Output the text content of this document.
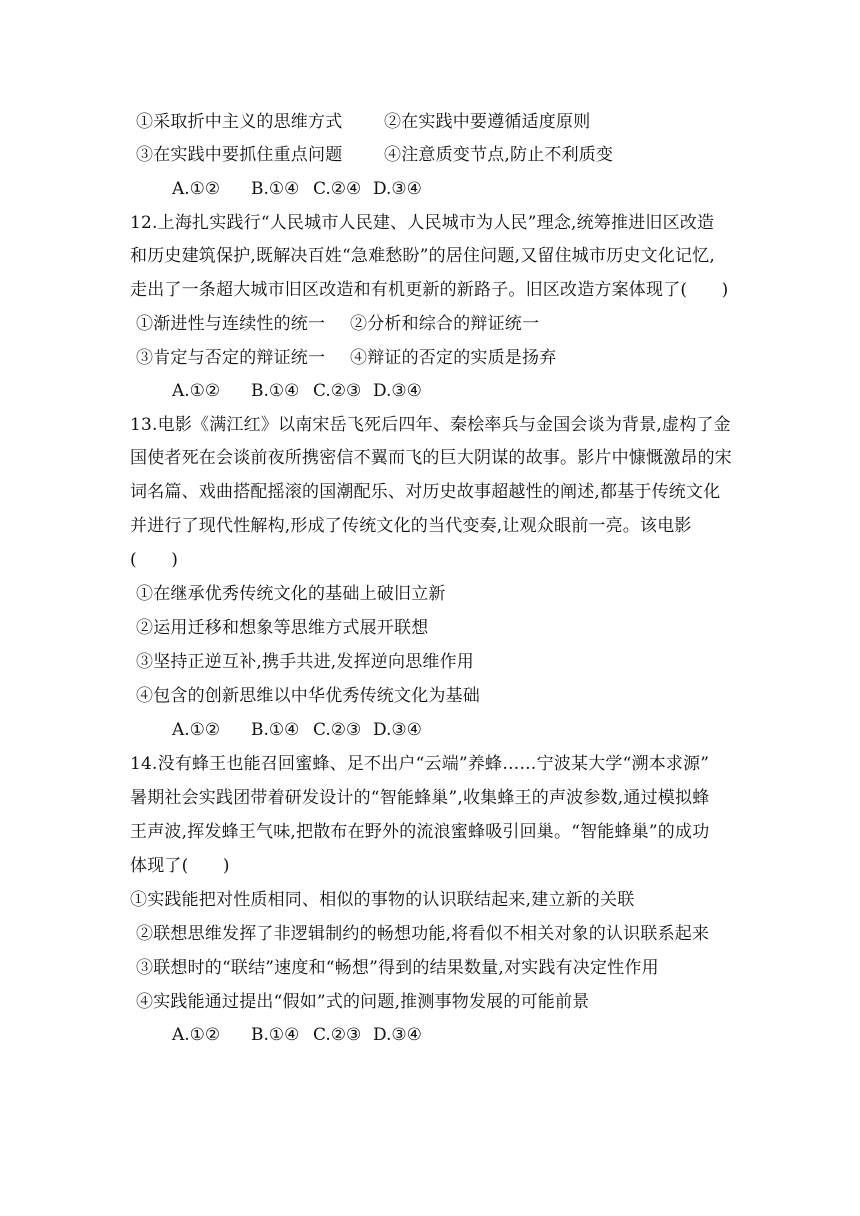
①采取折中主义的思维方式 ②在实践中要遵循适度原则
③在实践中要抓住重点问题 ④注意质变节点,防止不利质变
A.①② B.①④ C.②④ D.③④
12.上海扎实践行“人民城市人民建、人民城市为人民”理念,统筹推进旧区改造
和历史建筑保护,既解决百姓“急难愁盼”的居住问题,又留住城市历史文化记忆,
走出了一条超大城市旧区改造和有机更新的新路子。旧区改造方案体现了(　　)
①渐进性与连续性的统一 ②分析和综合的辩证统一
③肯定与否定的辩证统一 ④辩证的否定的实质是扬弃
A.①② B.①④ C.②③ D.③④
13.电影《满江红》以南宋岳飞死后四年、秦桧率兵与金国会谈为背景,虚构了金
国使者死在会谈前夜所携密信不翼而飞的巨大阴谋的故事。影片中慷慨激昂的宋
词名篇、戏曲搭配摇滚的国潮配乐、对历史故事超越性的阐述,都基于传统文化
并进行了现代性解构,形成了传统文化的当代变奏,让观众眼前一亮。该电影
(　　)
①在继承优秀传统文化的基础上破旧立新
②运用迁移和想象等思维方式展开联想
③坚持正逆互补,携手共进,发挥逆向思维作用
④包含的创新思维以中华优秀传统文化为基础
A.①② B.①④ C.②③ D.③④
14.没有蜂王也能召回蜜蜂、足不出户“云端”养蜂……宁波某大学“溯本求源”
暑期社会实践团带着研发设计的“智能蜂巢”,收集蜂王的声波参数,通过模拟蜂
王声波,挥发蜂王气味,把散布在野外的流浪蜜蜂吸引回巢。“智能蜂巢”的成功
体现了(　　)
①实践能把对性质相同、相似的事物的认识联结起来,建立新的关联
②联想思维发挥了非逻辑制约的畅想功能,将看似不相关对象的认识联系起来
③联想时的“联结”速度和“畅想”得到的结果数量,对实践有决定性作用
④实践能通过提出“假如”式的问题,推测事物发展的可能前景
A.①② B.①④ C.②③ D.③④
